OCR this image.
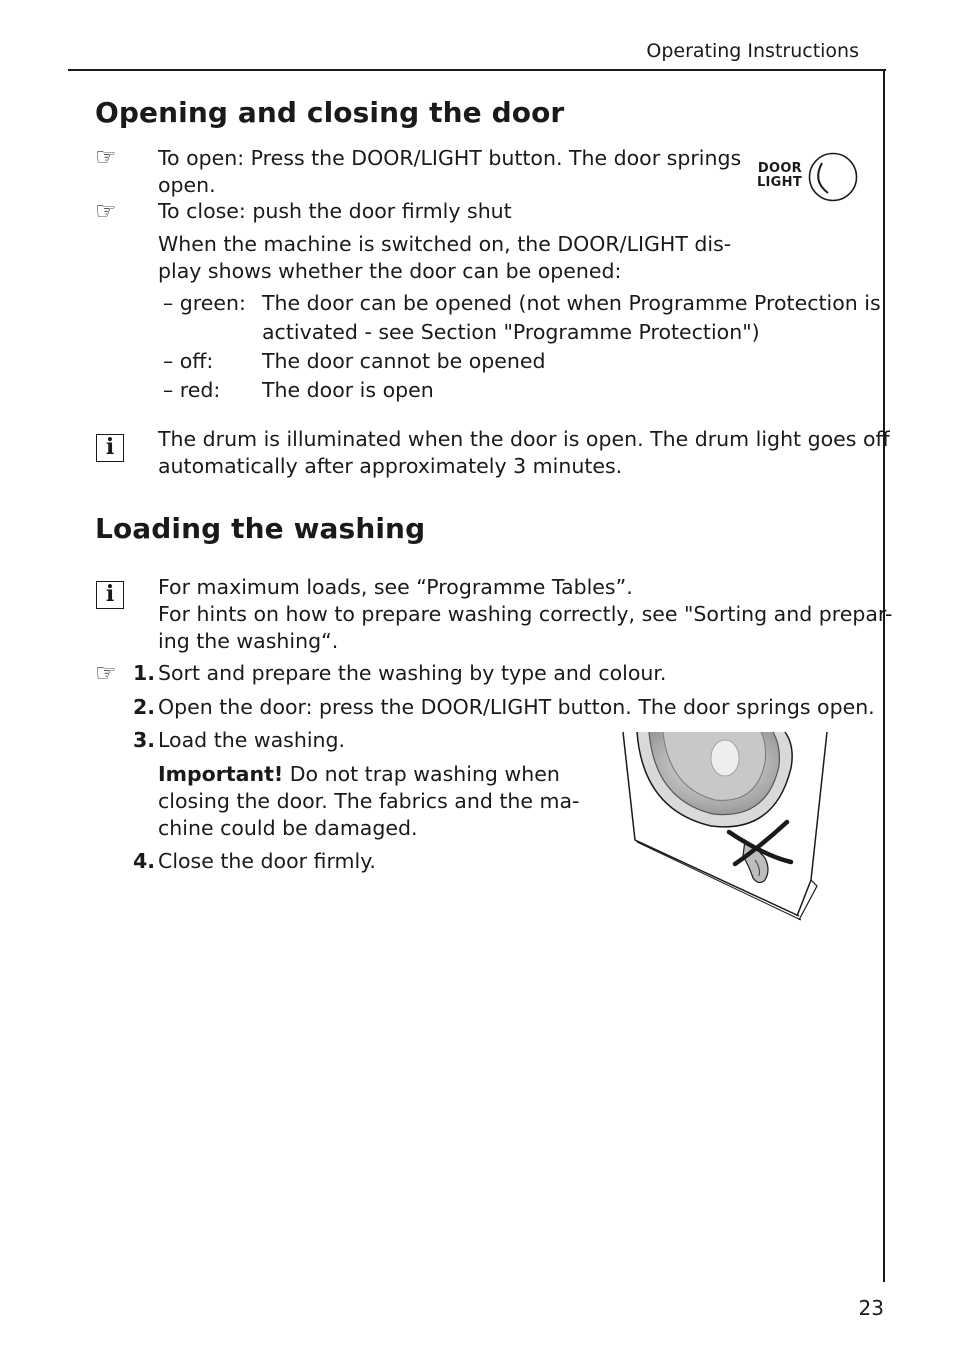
Operating Instructions
Opening and closing the door
☞ To open: Press the DOOR/LIGHT button. The door springs
open.
☞ To close: push the door firmly shut
DOOR
LIGHT
When the machine is switched on, the DOOR/LIGHT dis-
play shows whether the door can be opened:
– green: The door can be opened (not when Programme Protection is
activated - see Section "Programme Protection")
– off: The door cannot be opened
– red: The door is open
i	The drum is illuminated when the door is open. The drum light goes off
automatically after approximately 3 minutes.
Loading the washing
i	For maximum loads, see “Programme Tables”.
For hints on how to prepare washing correctly, see "Sorting and prepar-
ing the washing“.
☞ 1. Sort and prepare the washing by type and colour.
2. Open the door: press the DOOR/LIGHT button. The door springs open.
3. Load the washing.
Important! Do not trap washing when
closing the door. The fabrics and the ma-
chine could be damaged.
4. Close the door firmly.
23
